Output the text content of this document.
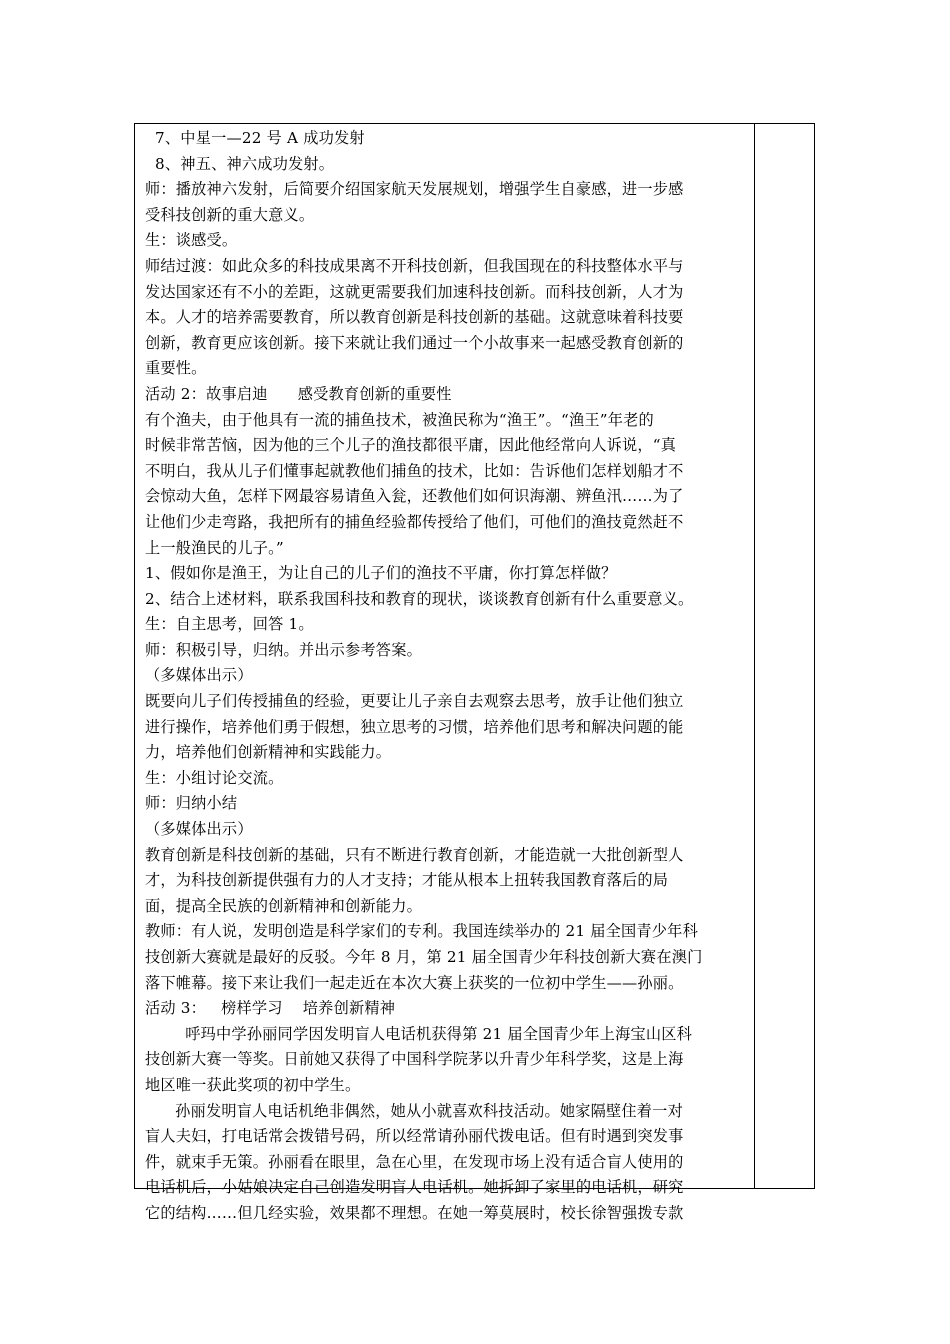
7、中星一—22 号 A 成功发射
8、神五、神六成功发射。
师：播放神六发射，后简要介绍国家航天发展规划，增强学生自豪感，进一步感
受科技创新的重大意义。
生：谈感受。
师结过渡：如此众多的科技成果离不开科技创新，但我国现在的科技整体水平与
发达国家还有不小的差距，这就更需要我们加速科技创新。而科技创新，人才为
本。人才的培养需要教育，所以教育创新是科技创新的基础。这就意味着科技要
创新，教育更应该创新。接下来就让我们通过一个小故事来一起感受教育创新的
重要性。
活动 2：故事启迪      感受教育创新的重要性
有个渔夫，由于他具有一流的捕鱼技术，被渔民称为“渔王”。“渔王”年老的
时候非常苦恼，因为他的三个儿子的渔技都很平庸，因此他经常向人诉说，“真
不明白，我从儿子们懂事起就教他们捕鱼的技术，比如：告诉他们怎样划船才不
会惊动大鱼，怎样下网最容易请鱼入瓮，还教他们如何识海潮、辨鱼汛……为了
让他们少走弯路，我把所有的捕鱼经验都传授给了他们，可他们的渔技竟然赶不
上一般渔民的儿子。”
1、假如你是渔王，为让自己的儿子们的渔技不平庸，你打算怎样做？
2、结合上述材料，联系我国科技和教育的现状，谈谈教育创新有什么重要意义。
生：自主思考，回答 1。
师：积极引导，归纳。并出示参考答案。
（多媒体出示）
既要向儿子们传授捕鱼的经验，更要让儿子亲自去观察去思考，放手让他们独立
进行操作，培养他们勇于假想，独立思考的习惯，培养他们思考和解决问题的能
力，培养他们创新精神和实践能力。
生：小组讨论交流。
师：归纳小结
（多媒体出示）
教育创新是科技创新的基础，只有不断进行教育创新，才能造就一大批创新型人
才，为科技创新提供强有力的人才支持；才能从根本上扭转我国教育落后的局
面，提高全民族的创新精神和创新能力。
教师：有人说，发明创造是科学家们的专利。我国连续举办的 21 届全国青少年科
技创新大赛就是最好的反驳。今年 8 月，第 21 届全国青少年科技创新大赛在澳门
落下帷幕。接下来让我们一起走近在本次大赛上获奖的一位初中学生——孙丽。
活动 3：   榜样学习    培养创新精神
呼玛中学孙丽同学因发明盲人电话机获得第 21 届全国青少年上海宝山区科
技创新大赛一等奖。日前她又获得了中国科学院茅以升青少年科学奖，这是上海
地区唯一获此奖项的初中学生。
孙丽发明盲人电话机绝非偶然，她从小就喜欢科技活动。她家隔壁住着一对
盲人夫妇，打电话常会拨错号码，所以经常请孙丽代拨电话。但有时遇到突发事
件，就束手无策。孙丽看在眼里，急在心里，在发现市场上没有适合盲人使用的
电话机后，小姑娘决定自己创造发明盲人电话机。她拆卸了家里的电话机，研究
它的结构……但几经实验，效果都不理想。在她一筹莫展时，校长徐智强拨专款
